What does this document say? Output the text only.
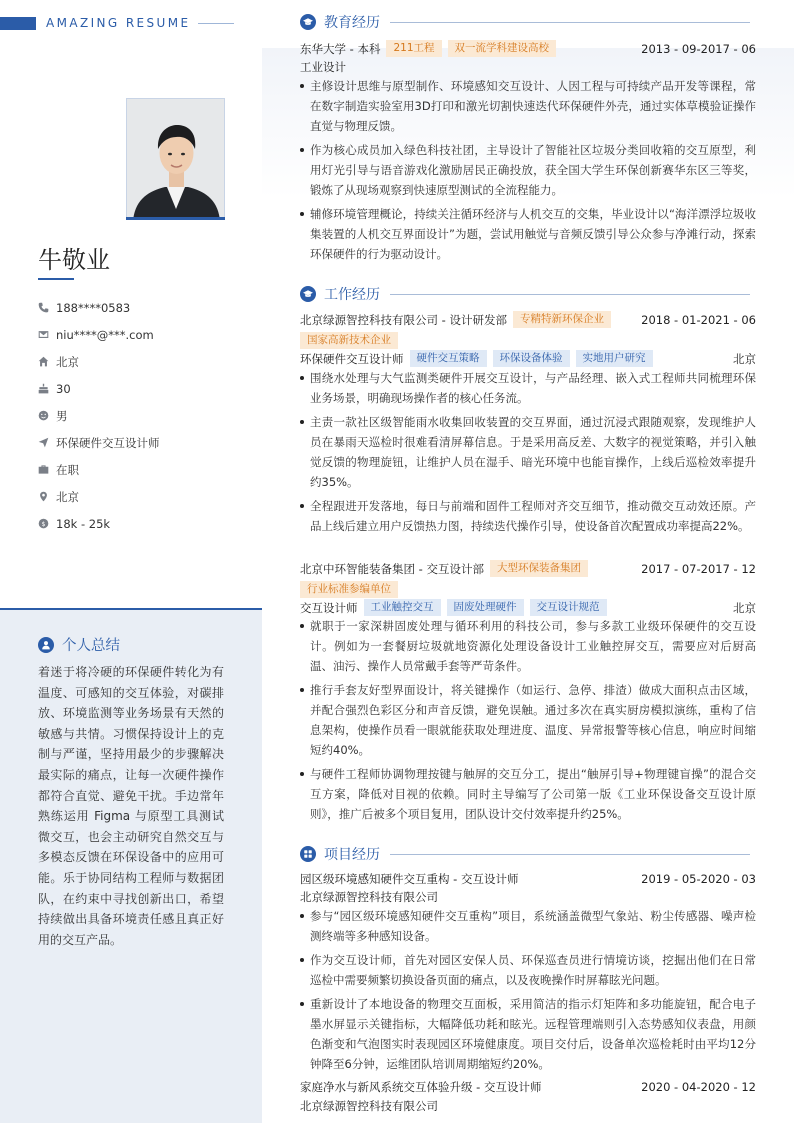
AMAZING RESUME
牛敬业
188****0583
niu****@***.com
北京
30
男
环保硬件交互设计师
在职
北京
$ 18k - 25k
个人总结
着迷于将冷硬的环保硬件转化为有温度、可感知的交互体验，对碳排放、环境监测等业务场景有天然的敏感与共情。习惯保持设计上的克制与严谨，坚持用最少的步骤解决最实际的痛点，让每一次硬件操作都符合直觉、避免干扰。手边常年熟练运用 Figma 与原型工具测试微交互，也会主动研究自然交互与多模态反馈在环保设备中的应用可能。乐于协同结构工程师与数据团队，在约束中寻找创新出口，希望持续做出具备环境责任感且真正好用的交互产品。
教育经历
东华大学 - 本科	211工程	双一流学科建设高校	2013 - 09-2017 - 06
工业设计
主修设计思维与原型制作、环境感知交互设计、人因工程与可持续产品开发等课程，常在数字制造实验室用3D打印和激光切割快速迭代环保硬件外壳，通过实体草模验证操作直觉与物理反馈。
作为核心成员加入绿色科技社团，主导设计了智能社区垃圾分类回收箱的交互原型，利用灯光引导与语音游戏化激励居民正确投放，获全国大学生环保创新赛华东区三等奖，锻炼了从现场观察到快速原型测试的全流程能力。
辅修环境管理概论，持续关注循环经济与人机交互的交集，毕业设计以“海洋漂浮垃圾收集装置的人机交互界面设计”为题，尝试用触觉与音频反馈引导公众参与净滩行动，探索环保硬件的行为驱动设计。
工作经历
北京绿源智控科技有限公司 - 设计研发部	专精特新环保企业	2018 - 01-2021 - 06
国家高新技术企业
环保硬件交互设计师	硬件交互策略	环保设备体验	实地用户研究	北京
围绕水处理与大气监测类硬件开展交互设计，与产品经理、嵌入式工程师共同梳理环保业务场景，明确现场操作者的核心任务流。
主责一款社区级智能雨水收集回收装置的交互界面，通过沉浸式跟随观察，发现维护人员在暴雨天巡检时很难看清屏幕信息。于是采用高反差、大数字的视觉策略，并引入触觉反馈的物理旋钮，让维护人员在湿手、暗光环境中也能盲操作，上线后巡检效率提升约35%。
全程跟进开发落地，每日与前端和固件工程师对齐交互细节，推动微交互动效还原。产品上线后建立用户反馈热力图，持续迭代操作引导，使设备首次配置成功率提高22%。
北京中环智能装备集团 - 交互设计部	大型环保装备集团	2017 - 07-2017 - 12
行业标准参编单位
交互设计师	工业触控交互	固废处理硬件	交互设计规范	北京
就职于一家深耕固废处理与循环利用的科技公司，参与多款工业级环保硬件的交互设计。例如为一套餐厨垃圾就地资源化处理设备设计工业触控屏交互，需要应对后厨高温、油污、操作人员常戴手套等严苛条件。
推行手套友好型界面设计，将关键操作（如运行、急停、排渣）做成大面积点击区域，并配合强烈色彩区分和声音反馈，避免误触。通过多次在真实厨房模拟演练，重构了信息架构，使操作员看一眼就能获取处理进度、温度、异常报警等核心信息，响应时间缩短约40%。
与硬件工程师协调物理按键与触屏的交互分工，提出“触屏引导+物理键盲操”的混合交互方案，降低对目视的依赖。同时主导编写了公司第一版《工业环保设备交互设计原则》，推广后被多个项目复用，团队设计交付效率提升约25%。
项目经历
园区级环境感知硬件交互重构 - 交互设计师	2019 - 05-2020 - 03
北京绿源智控科技有限公司
参与“园区级环境感知硬件交互重构”项目，系统涵盖微型气象站、粉尘传感器、噪声检测终端等多种感知设备。
作为交互设计师，首先对园区安保人员、环保巡查员进行情境访谈，挖掘出他们在日常巡检中需要频繁切换设备页面的痛点，以及夜晚操作时屏幕眩光问题。
重新设计了本地设备的物理交互面板，采用简洁的指示灯矩阵和多功能旋钮，配合电子墨水屏显示关键指标，大幅降低功耗和眩光。远程管理端则引入态势感知仪表盘，用颜色渐变和气泡图实时表现园区环境健康度。项目交付后，设备单次巡检耗时由平均12分钟降至6分钟，运维团队培训周期缩短约20%。
家庭净水与新风系统交互体验升级 - 交互设计师	2020 - 04-2020 - 12
北京绿源智控科技有限公司
